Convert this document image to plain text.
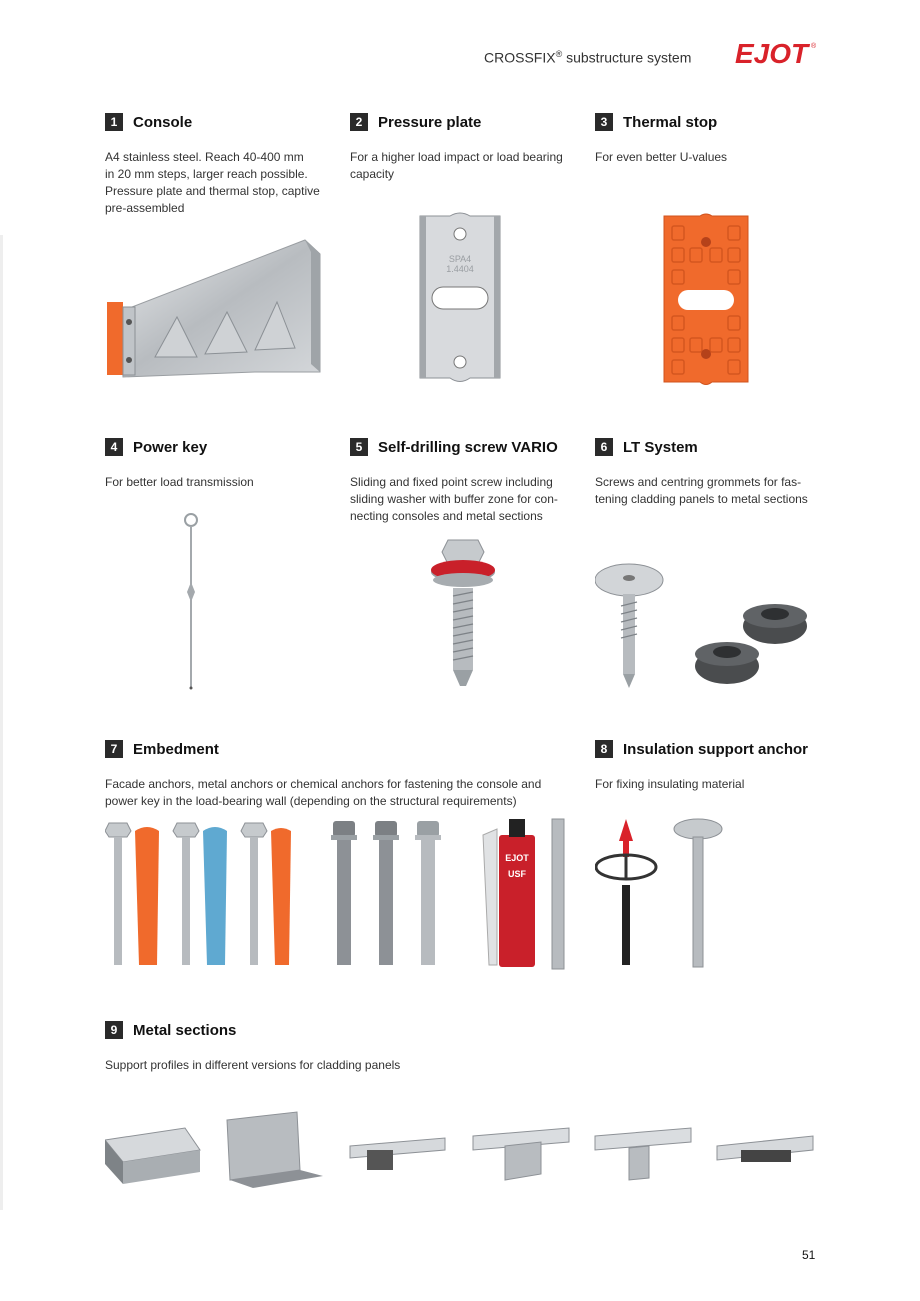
CROSSFIX® substructure system EJOT ®
1	Console
A4 stainless steel. Reach 40-400 mm
in 20 mm steps, larger reach possible.
Pressure plate and thermal stop, captive
pre-assembled
2	Pressure plate
For a higher load impact or load bearing
capacity
SPA4
1.4404
3	Thermal stop
For even better U-values
4	Power key
For better load transmission
5	Self-drilling screw VARIO
Sliding and fixed point screw including
sliding washer with buffer zone for con-
necting consoles and metal sections
6	LT System
Screws and centring grommets for fas-
tening cladding panels to metal sections
7	Embedment
Facade anchors, metal anchors or chemical anchors for fastening the console and
power key in the load-bearing wall (depending on the structural requirements)
EJOT
USF
8	Insulation support anchor
For fixing insulating material
9	Metal sections
Support profiles in different versions for cladding panels
51
